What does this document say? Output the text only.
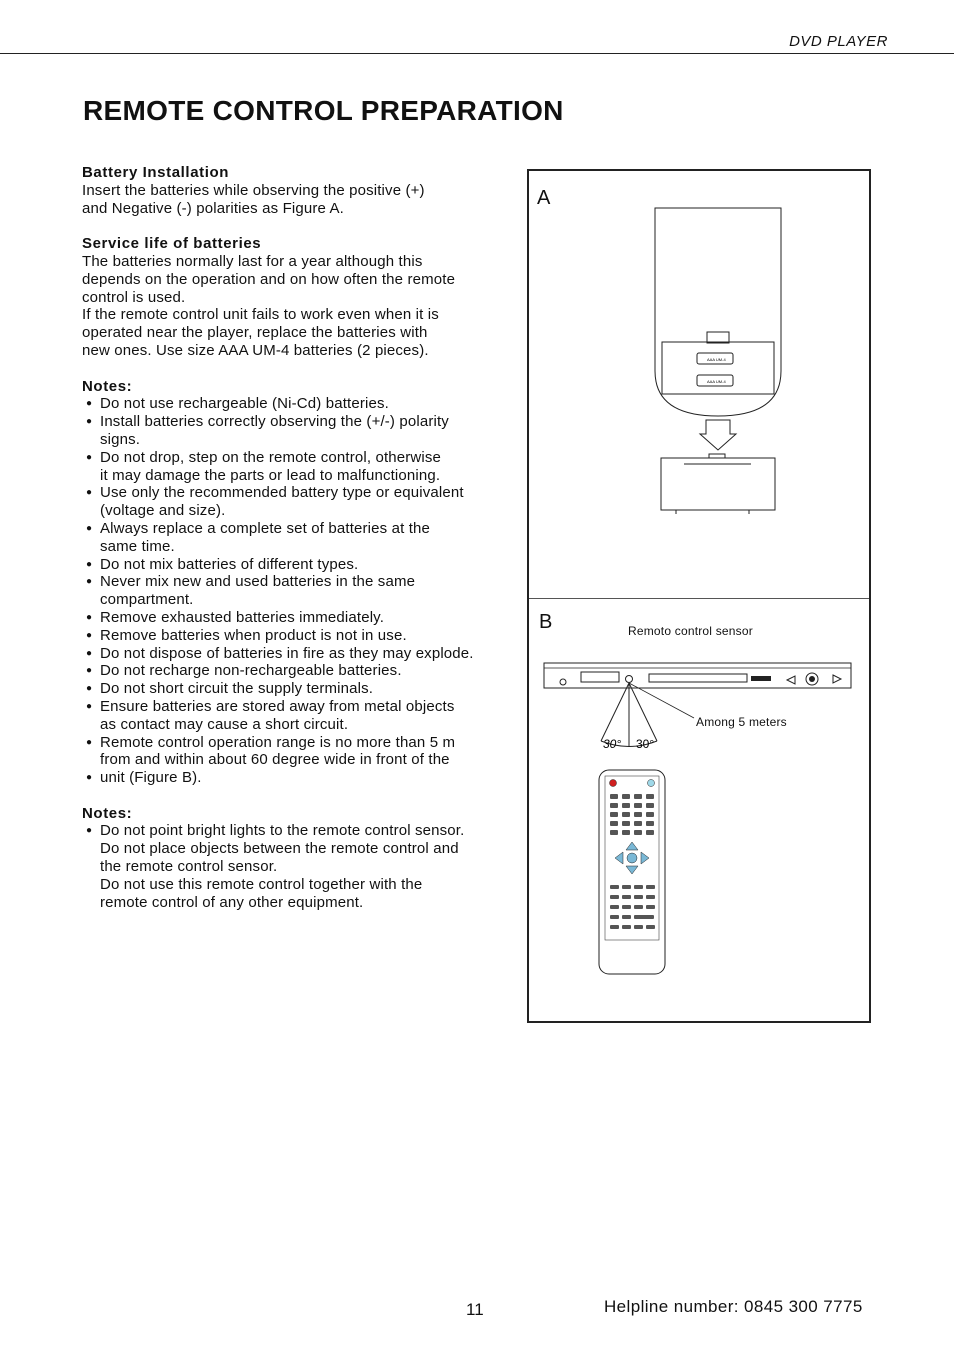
DVD PLAYER
REMOTE CONTROL PREPARATION

Battery Installation

Insert the batteries while observing the positive (+)

and Negative (-) polarities as Figure A.

Service life of batteries

The batteries normally last for a year although this

depends on the operation and on how often the remote

control is used.

If the remote control unit fails to work even when it is

operated near the player, replace the batteries with

new ones. Use size AAA UM-4 batteries (2 pieces).

Notes:

● Do not use rechargeable (Ni-Cd) batteries.

● Install batteries correctly observing the (+/-) polarity

signs.

● Do not drop, step on the remote control, otherwise

it may damage the parts or lead to malfunctioning.

● Use only the recommended battery type or equivalent

(voltage and size).

● Always replace a complete set of batteries at the

same time.

● Do not mix batteries of different types.

● Never mix new and used batteries in the same

compartment.

● Remove exhausted batteries immediately.

● Remove batteries when product is not in use.

● Do not dispose of batteries in fire as they may explode.

● Do not recharge non-rechargeable batteries.

● Do not short circuit the supply terminals.

● Ensure batteries are stored away from metal objects

as contact may cause a short circuit.

● Remote control operation range is no more than 5 m

from and within about 60 degree wide in front of the

● unit (Figure B).

Notes:

● Do not point bright lights to the remote control sensor.

Do not place objects between the remote control and

the remote control sensor.

Do not use this remote control together with the

remote control of any other equipment.

A
B
AAA UM-4
AAA UM-4
Remoto control sensor
Among 5 meters
30° 30°
11	Helpline number: 0845 300 7775
